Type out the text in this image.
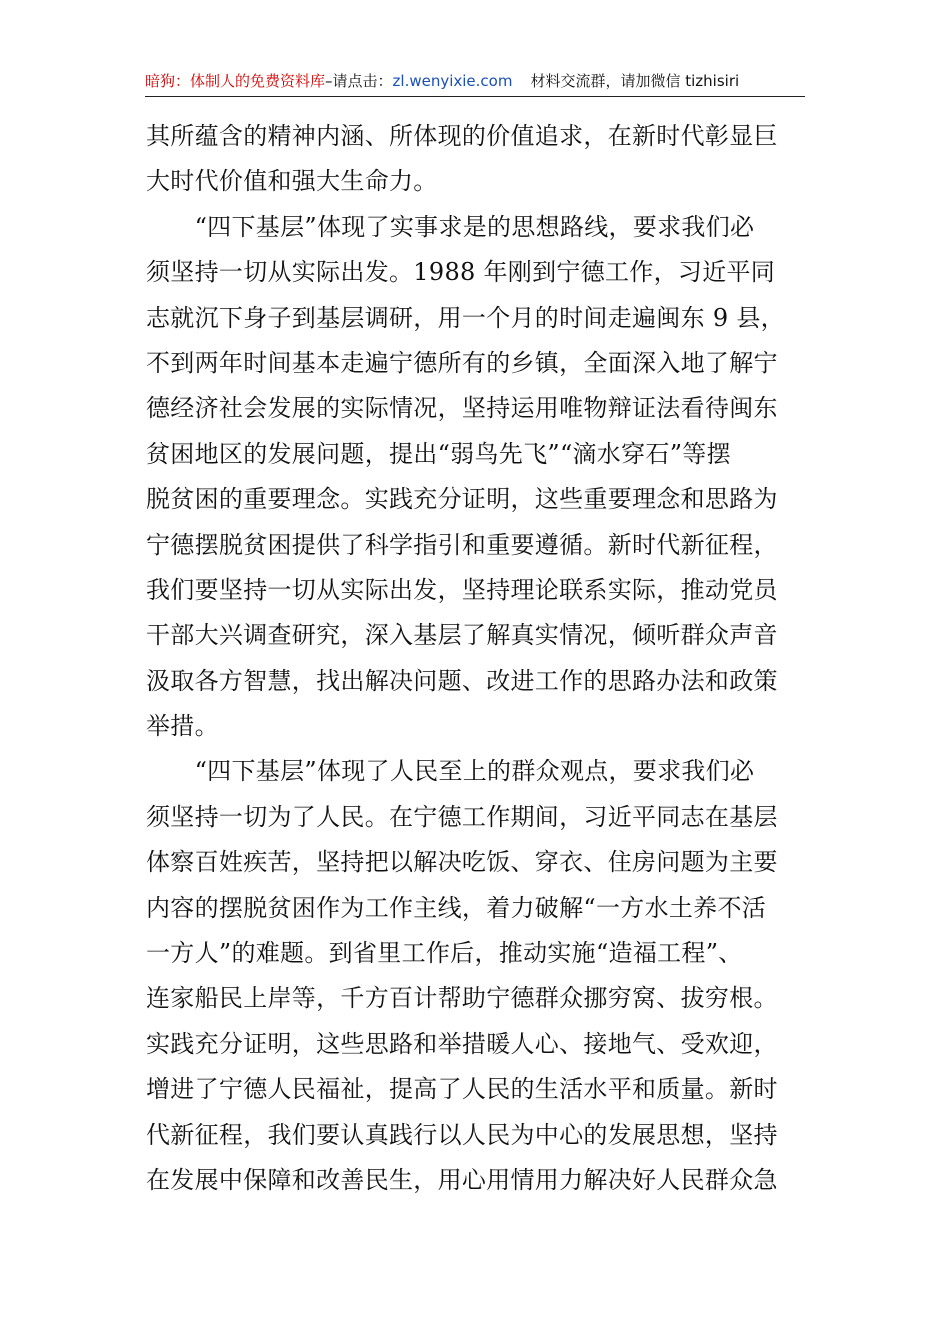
暗狗：体制人的免费资料库–请点击：zl.wenyixie.com 材料交流群，请加微信 tizhisiri
其所蕴含的精神内涵、所体现的价值追求，在新时代彰显巨
大时代价值和强大生命力。
　　“四下基层”体现了实事求是的思想路线，要求我们必
须坚持一切从实际出发。1988 年刚到宁德工作，习近平同
志就沉下身子到基层调研，用一个月的时间走遍闽东 9 县，
不到两年时间基本走遍宁德所有的乡镇，全面深入地了解宁
德经济社会发展的实际情况，坚持运用唯物辩证法看待闽东
贫困地区的发展问题，提出“弱鸟先飞”“滴水穿石”等摆
脱贫困的重要理念。实践充分证明，这些重要理念和思路为
宁德摆脱贫困提供了科学指引和重要遵循。新时代新征程，
我们要坚持一切从实际出发，坚持理论联系实际，推动党员
干部大兴调查研究，深入基层了解真实情况，倾听群众声音
汲取各方智慧，找出解决问题、改进工作的思路办法和政策
举措。
　　“四下基层”体现了人民至上的群众观点，要求我们必
须坚持一切为了人民。在宁德工作期间，习近平同志在基层
体察百姓疾苦，坚持把以解决吃饭、穿衣、住房问题为主要
内容的摆脱贫困作为工作主线，着力破解“一方水土养不活
一方人”的难题。到省里工作后，推动实施“造福工程”、
连家船民上岸等，千方百计帮助宁德群众挪穷窝、拔穷根。
实践充分证明，这些思路和举措暖人心、接地气、受欢迎，
增进了宁德人民福祉，提高了人民的生活水平和质量。新时
代新征程，我们要认真践行以人民为中心的发展思想，坚持
在发展中保障和改善民生，用心用情用力解决好人民群众急
